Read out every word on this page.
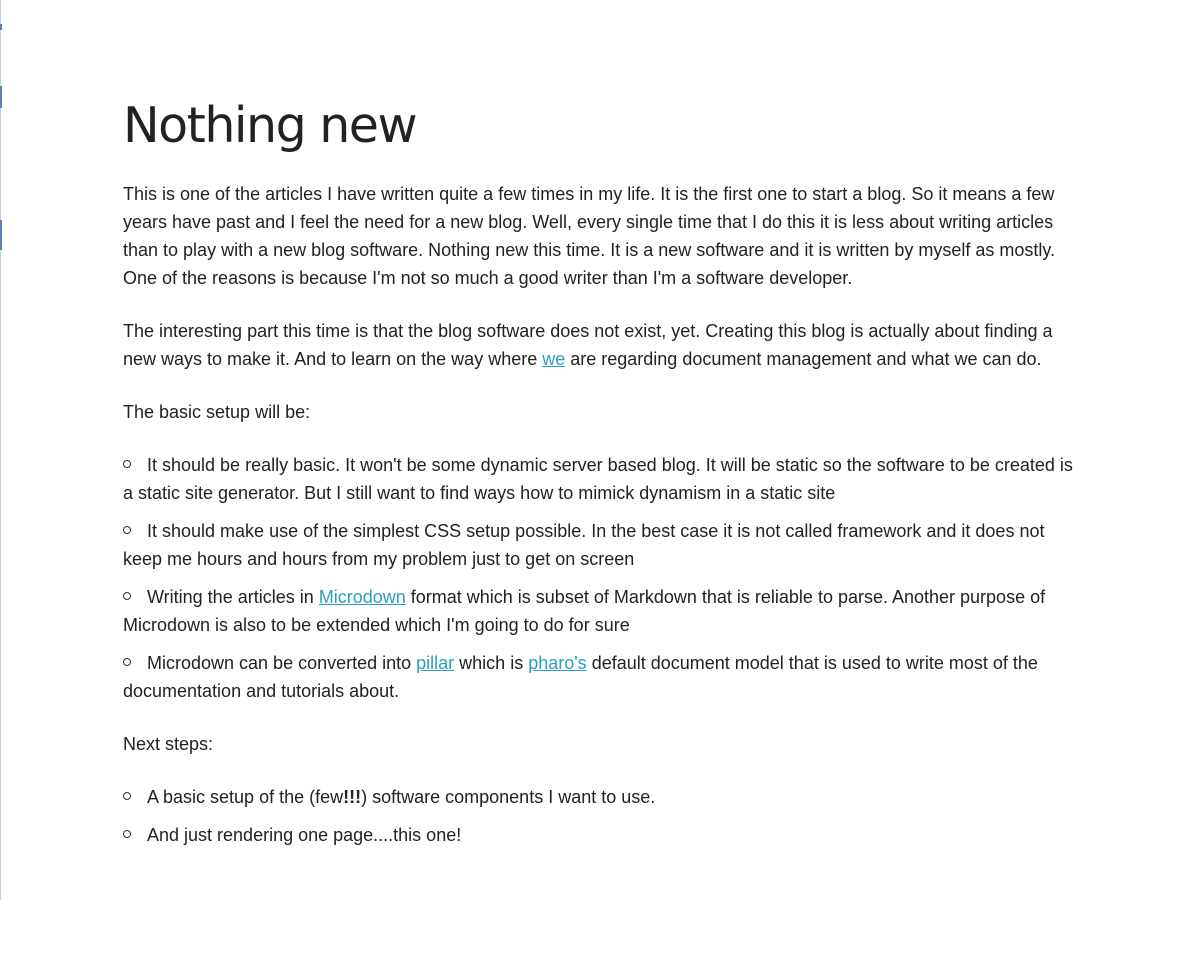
Nothing new

This is one of the articles I have written quite a few times in my life. It is the first one to start a blog. So it means a few years have past and I feel the need for a new blog. Well, every single time that I do this it is less about writing articles than to play with a new blog software. Nothing new this time. It is a new software and it is written by myself as mostly. One of the reasons is because I'm not so much a good writer than I'm a software developer.

The interesting part this time is that the blog software does not exist, yet. Creating this blog is actually about finding a new ways to make it. And to learn on the way where we are regarding document management and what we can do.

The basic setup will be:

It should be really basic. It won't be some dynamic server based blog. It will be static so the software to be created is a static site generator. But I still want to find ways how to mimick dynamism in a static site
It should make use of the simplest CSS setup possible. In the best case it is not called framework and it does not keep me hours and hours from my problem just to get on screen
Writing the articles in Microdown format which is subset of Markdown that is reliable to parse. Another purpose of Microdown is also to be extended which I'm going to do for sure
Microdown can be converted into pillar which is pharo's default document model that is used to write most of the documentation and tutorials about.

Next steps:

A basic setup of the (few!!!) software components I want to use.
And just rendering one page....this one!
